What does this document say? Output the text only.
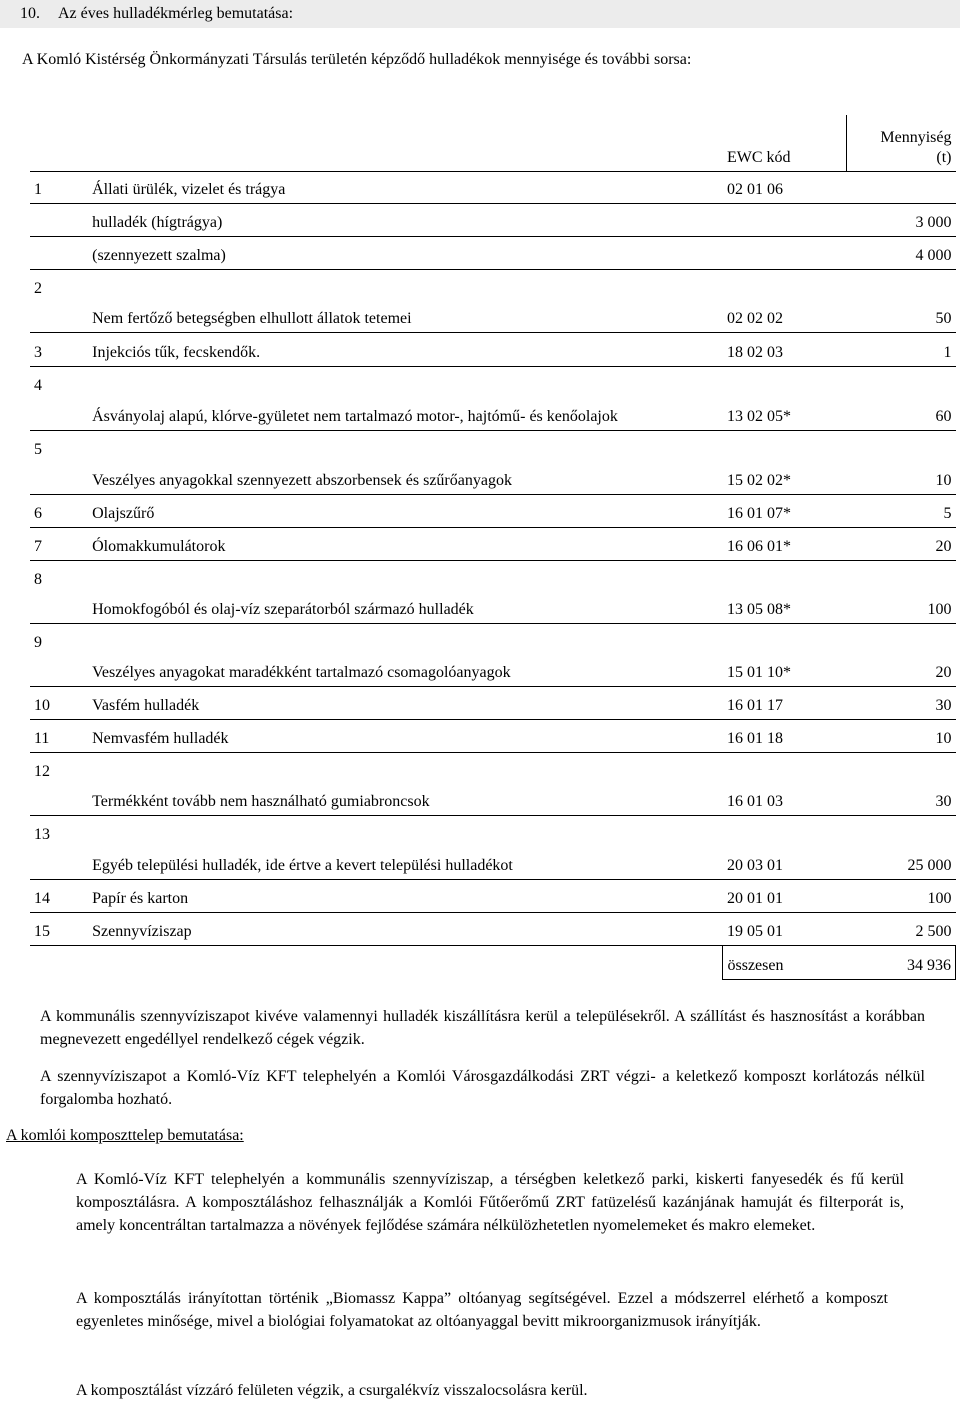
10. Az éves hulladékmérleg bemutatása:
A Komló Kistérség Önkormányzati Társulás területén képződő hulladékok mennyisége és további sorsa:
		EWC kód	Mennyiség
(t)
1	Állati ürülék, vizelet és trágya	02 01 06	
	hulladék (hígtrágya)		3 000
	(szennyezett szalma)		4 000
2	Nem fertőző betegségben elhullott állatok tetemei	02 02 02	50
3	Injekciós tűk, fecskendők.	18 02 03	1
4	Ásványolaj alapú, klórve-gyületet nem tartalmazó motor-, hajtómű- és kenőolajok	13 02 05*	60
5	Veszélyes anyagokkal szennyezett abszorbensek és szűrőanyagok	15 02 02*	10
6	Olajszűrő	16 01 07*	5
7	Ólomakkumulátorok	16 06 01*	20
8	Homokfogóból és olaj-víz szeparátorból származó hulladék	13 05 08*	100
9	Veszélyes anyagokat maradékként tartalmazó csomagolóanyagok	15 01 10*	20
10	Vasfém hulladék	16 01 17	30
11	Nemvasfém hulladék	16 01 18	10
12	Termékként tovább nem használható gumiabroncsok	16 01 03	30
13	Egyéb települési hulladék, ide értve a kevert települési hulladékot	20 03 01	25 000
14	Papír és karton	20 01 01	100
15	Szennyvíziszap	19 05 01	2 500
		összesen	34 936
A kommunális szennyvíziszapot kivéve valamennyi hulladék kiszállításra kerül a településekről. A szállítást és hasznosítást a korábban megnevezett engedéllyel rendelkező cégek végzik.
A szennyvíziszapot a Komló-Víz KFT telephelyén a Komlói Városgazdálkodási ZRT végzi- a keletkező komposzt korlátozás nélkül forgalomba hozható.
A komlói komposzttelep bemutatása:
A Komló-Víz KFT telephelyén a kommunális szennyvíziszap, a térségben keletkező parki, kiskerti fanyesedék és fű kerül komposztálásra. A komposztáláshoz felhasználják a Komlói Fűtőerőmű ZRT fatüzelésű kazánjának hamuját és filterporát is, amely koncentráltan tartalmazza a növények fejlődése számára nélkülözhetetlen nyomelemeket és makro elemeket.
A komposztálás irányítottan történik „Biomassz Kappa” oltóanyag segítségével. Ezzel a módszerrel elérhető a komposzt egyenletes minősége, mivel a biológiai folyamatokat az oltóanyaggal bevitt mikroorganizmusok irányítják.
A komposztálást vízzáró felületen végzik, a csurgalékvíz visszalocsolásra kerül.
